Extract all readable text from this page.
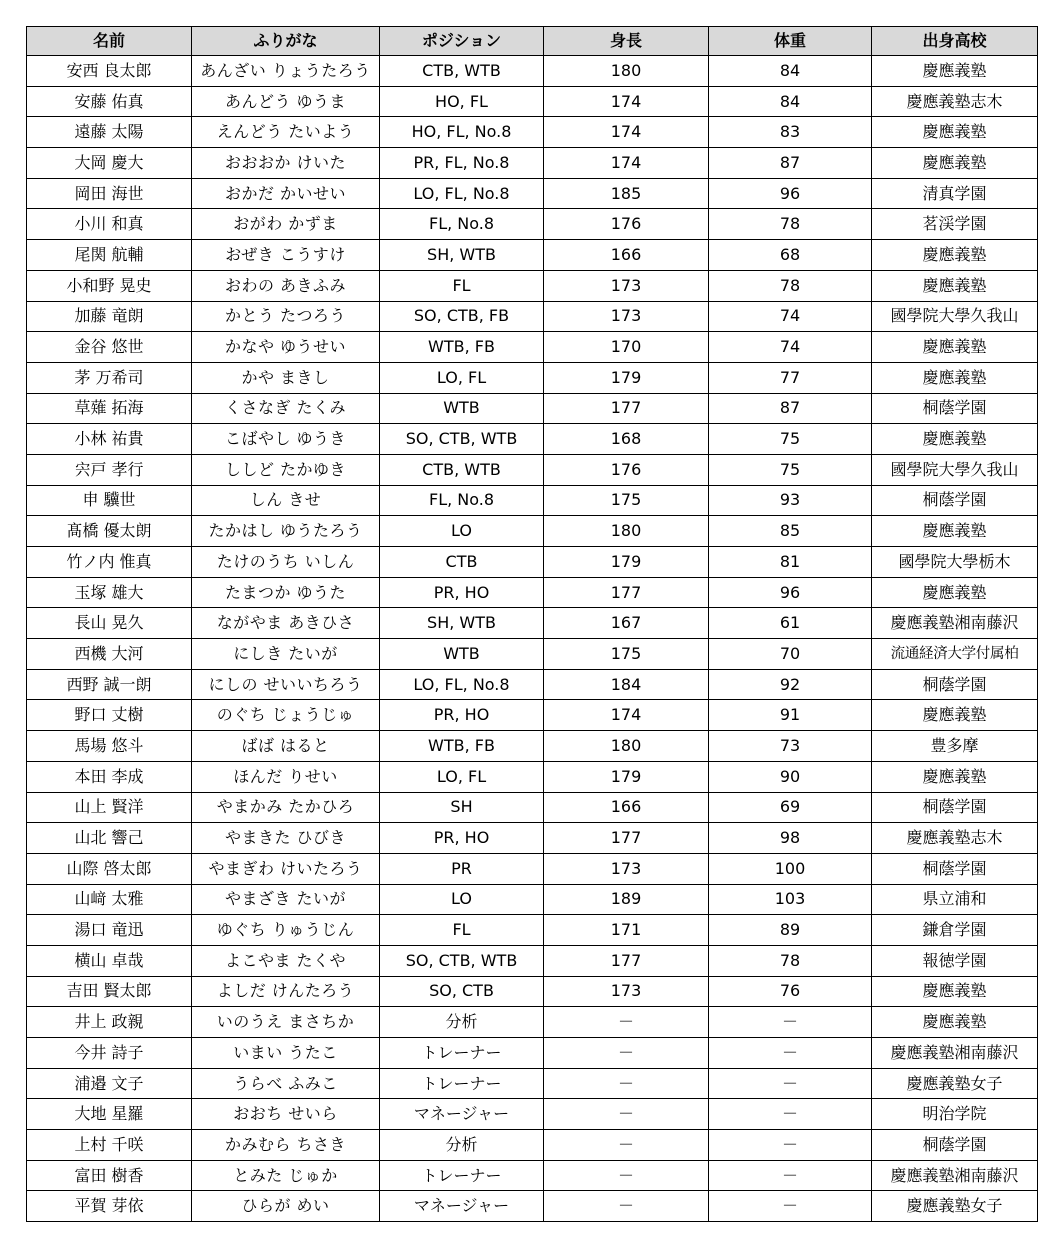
名前	ふりがな	ポジション	身長	体重	出身高校
安西 良太郎	あんざい りょうたろう	CTB, WTB	180	84	慶應義塾
安藤 佑真	あんどう ゆうま	HO, FL	174	84	慶應義塾志木
遠藤 太陽	えんどう たいよう	HO, FL, No.8	174	83	慶應義塾
大岡 慶大	おおおか けいた	PR, FL, No.8	174	87	慶應義塾
岡田 海世	おかだ かいせい	LO, FL, No.8	185	96	清真学園
小川 和真	おがわ かずま	FL, No.8	176	78	茗渓学園
尾関 航輔	おぜき こうすけ	SH, WTB	166	68	慶應義塾
小和野 晃史	おわの あきふみ	FL	173	78	慶應義塾
加藤 竜朗	かとう たつろう	SO, CTB, FB	173	74	國學院大學久我山
金谷 悠世	かなや ゆうせい	WTB, FB	170	74	慶應義塾
茅 万希司	かや まきし	LO, FL	179	77	慶應義塾
草薙 拓海	くさなぎ たくみ	WTB	177	87	桐蔭学園
小林 祐貴	こばやし ゆうき	SO, CTB, WTB	168	75	慶應義塾
宍戸 孝行	ししど たかゆき	CTB, WTB	176	75	國學院大學久我山
申 驥世	しん きせ	FL, No.8	175	93	桐蔭学園
髙橋 優太朗	たかはし ゆうたろう	LO	180	85	慶應義塾
竹ノ内 惟真	たけのうち いしん	CTB	179	81	國學院大學栃木
玉塚 雄大	たまつか ゆうた	PR, HO	177	96	慶應義塾
長山 晃久	ながやま あきひさ	SH, WTB	167	61	慶應義塾湘南藤沢
西機 大河	にしき たいが	WTB	175	70	流通経済大学付属柏
西野 誠一朗	にしの せいいちろう	LO, FL, No.8	184	92	桐蔭学園
野口 丈樹	のぐち じょうじゅ	PR, HO	174	91	慶應義塾
馬場 悠斗	ばば はると	WTB, FB	180	73	豊多摩
本田 李成	ほんだ りせい	LO, FL	179	90	慶應義塾
山上 賢洋	やまかみ たかひろ	SH	166	69	桐蔭学園
山北 響己	やまきた ひびき	PR, HO	177	98	慶應義塾志木
山際 啓太郎	やまぎわ けいたろう	PR	173	100	桐蔭学園
山﨑 太雅	やまざき たいが	LO	189	103	県立浦和
湯口 竜迅	ゆぐち りゅうじん	FL	171	89	鎌倉学園
横山 卓哉	よこやま たくや	SO, CTB, WTB	177	78	報徳学園
吉田 賢太郎	よしだ けんたろう	SO, CTB	173	76	慶應義塾
井上 政親	いのうえ まさちか	分析	－	－	慶應義塾
今井 詩子	いまい うたこ	トレーナー	－	－	慶應義塾湘南藤沢
浦邉 文子	うらべ ふみこ	トレーナー	－	－	慶應義塾女子
大地 星羅	おおち せいら	マネージャー	－	－	明治学院
上村 千咲	かみむら ちさき	分析	－	－	桐蔭学園
富田 樹香	とみた じゅか	トレーナー	－	－	慶應義塾湘南藤沢
平賀 芽依	ひらが めい	マネージャー	－	－	慶應義塾女子
